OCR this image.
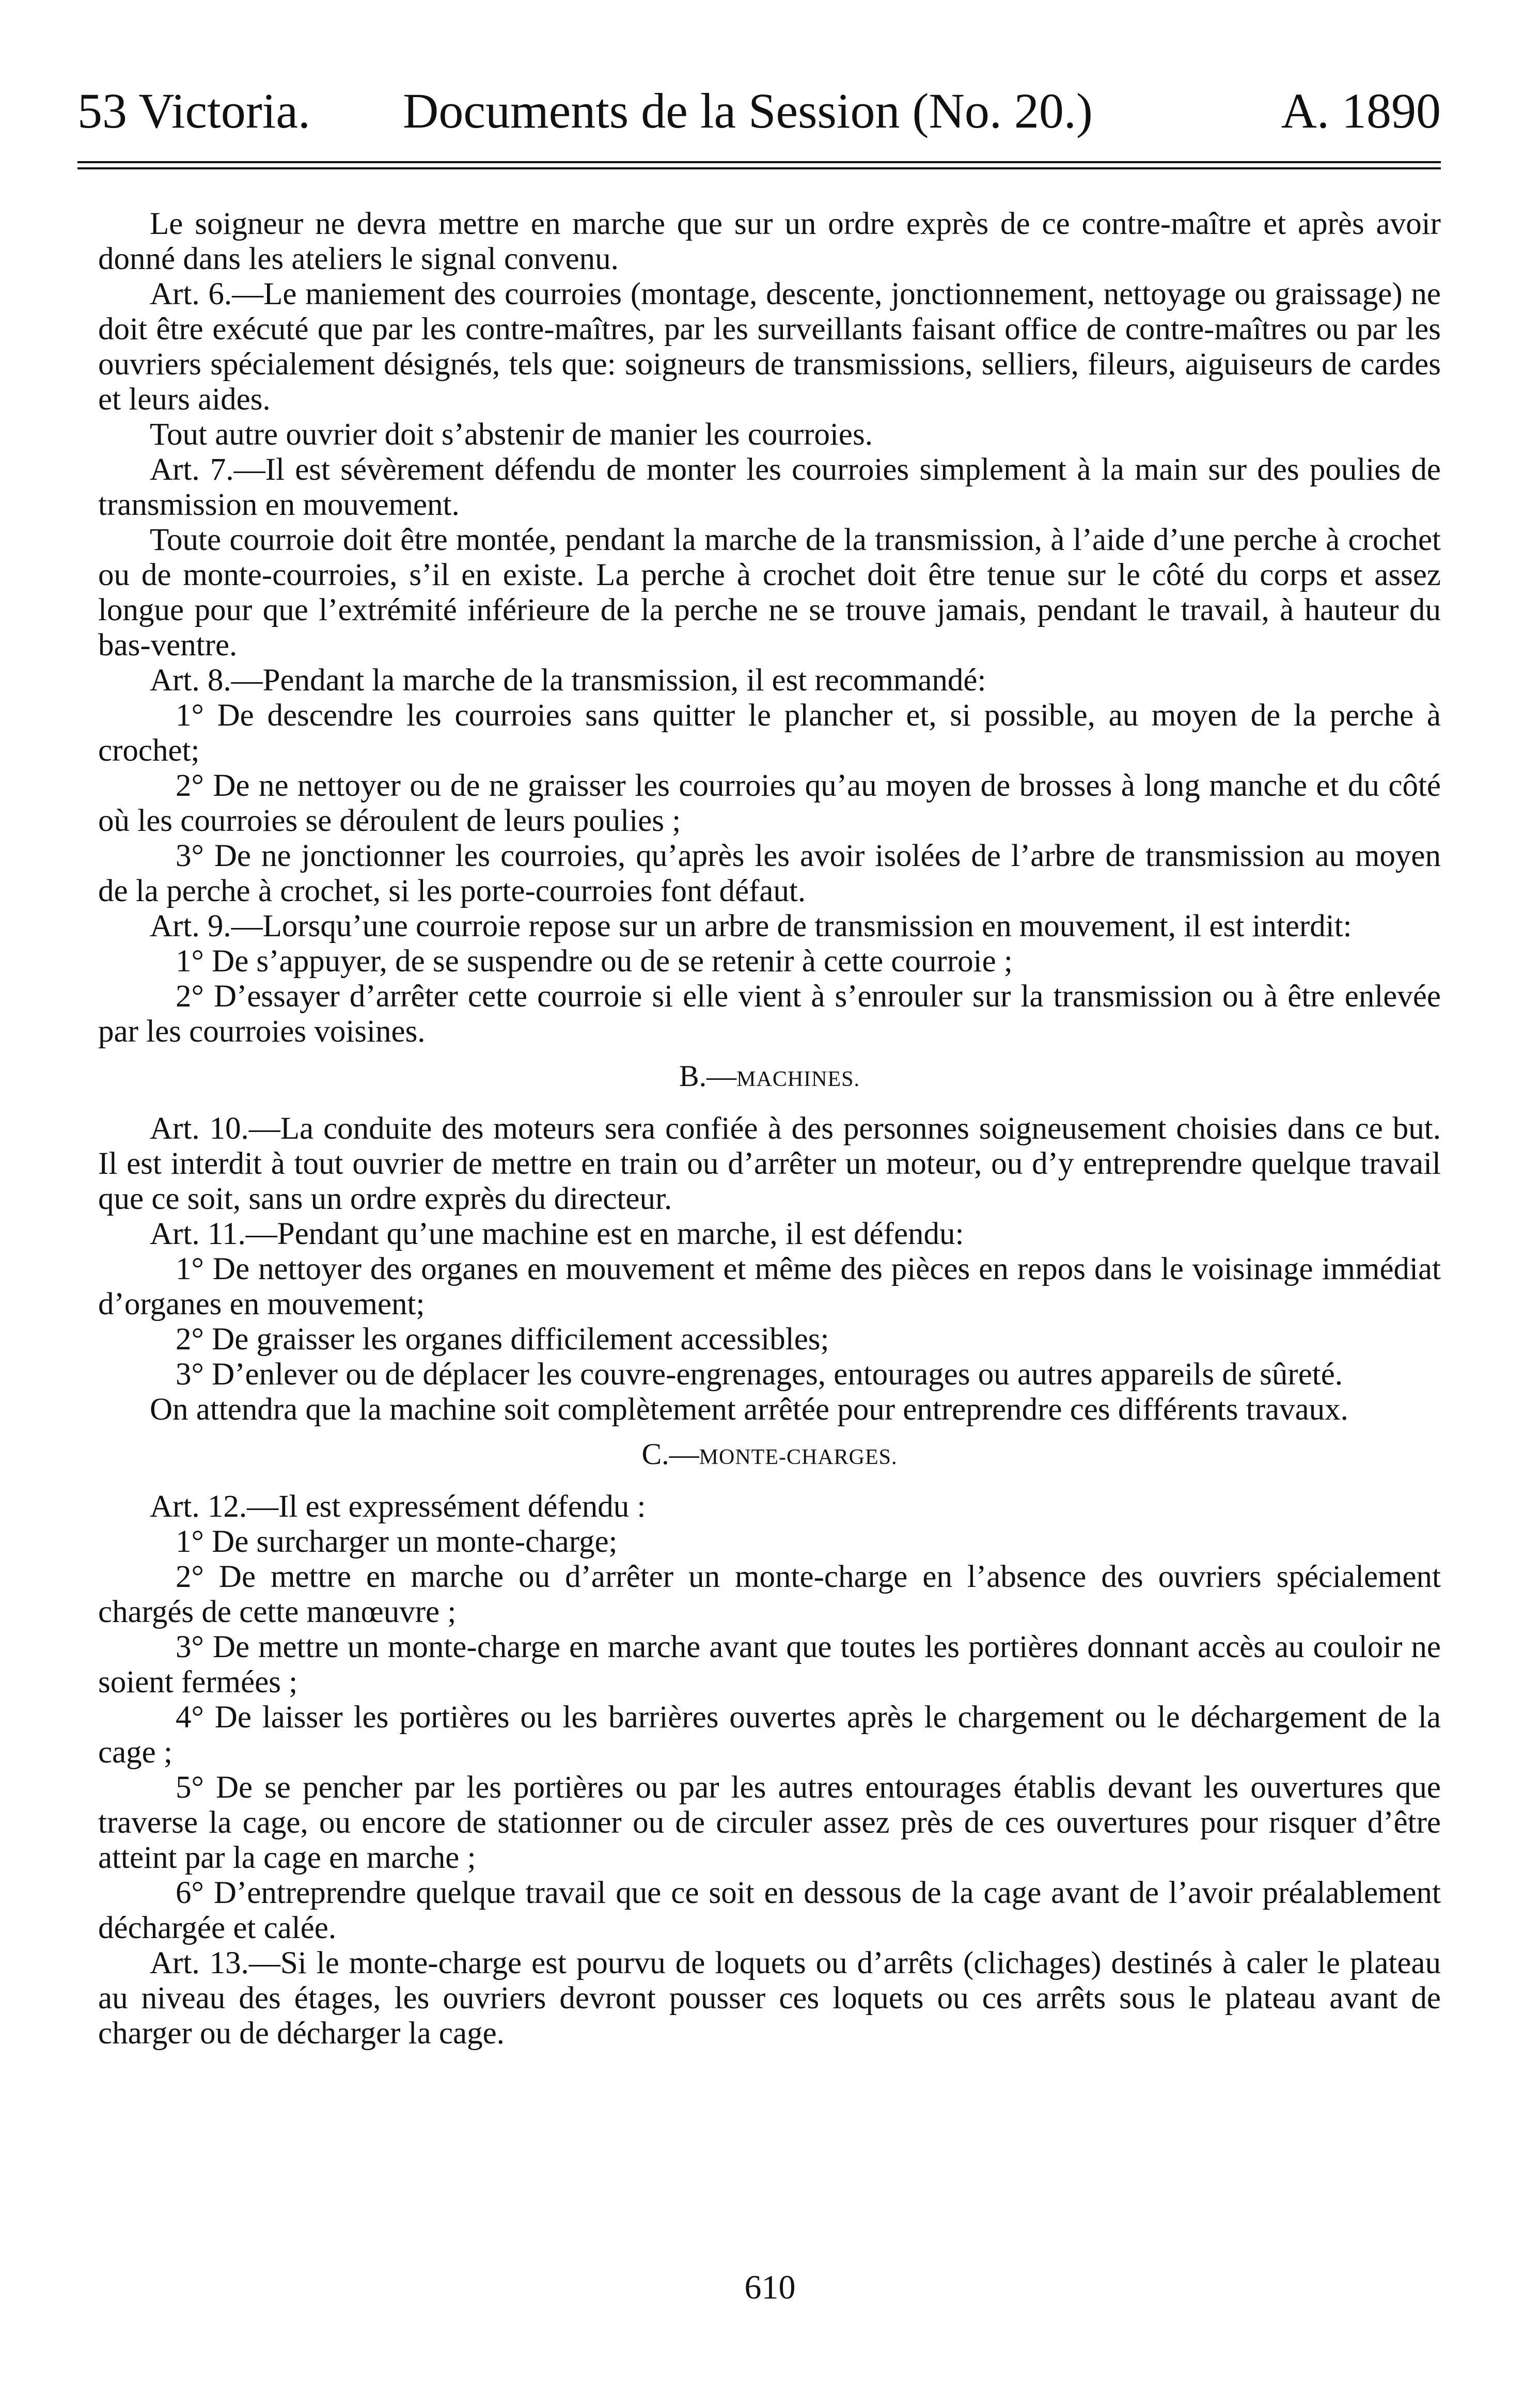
53 Victoria. Documents de la Session (No. 20.)	A. 1890

Le soigneur ne devra mettre en marche que sur un ordre exprès de ce contre-maître et après avoir donné dans les ateliers le signal convenu.

Art. 6.—Le maniement des courroies (montage, descente, jonctionnement, nettoyage ou graissage) ne doit être exécuté que par les contre-maîtres, par les surveillants faisant office de contre-maîtres ou par les ouvriers spécialement désignés, tels que: soigneurs de transmissions, selliers, fileurs, aiguiseurs de cardes et leurs aides.

Tout autre ouvrier doit s’abstenir de manier les courroies.

Art. 7.—Il est sévèrement défendu de monter les courroies simplement à la main sur des poulies de transmission en mouvement.

Toute courroie doit être montée, pendant la marche de la transmission, à l’aide d’une perche à crochet ou de monte-courroies, s’il en existe. La perche à crochet doit être tenue sur le côté du corps et assez longue pour que l’extrémité inférieure de la perche ne se trouve jamais, pendant le travail, à hauteur du bas-ventre.

Art. 8.—Pendant la marche de la transmission, il est recommandé:

1° De descendre les courroies sans quitter le plancher et, si possible, au moyen de la perche à crochet;

2° De ne nettoyer ou de ne graisser les courroies qu’au moyen de brosses à long manche et du côté où les courroies se déroulent de leurs poulies ;

3° De ne jonctionner les courroies, qu’après les avoir isolées de l’arbre de transmission au moyen de la perche à crochet, si les porte-courroies font défaut.

Art. 9.—Lorsqu’une courroie repose sur un arbre de transmission en mouvement, il est interdit:

1° De s’appuyer, de se suspendre ou de se retenir à cette courroie ;

2° D’essayer d’arrêter cette courroie si elle vient à s’enrouler sur la transmission ou à être enlevée par les courroies voisines.

B.—MACHINES.

Art. 10.—La conduite des moteurs sera confiée à des personnes soigneusement choisies dans ce but. Il est interdit à tout ouvrier de mettre en train ou d’arrêter un moteur, ou d’y entreprendre quelque travail que ce soit, sans un ordre exprès du directeur.

Art. 11.—Pendant qu’une machine est en marche, il est défendu:

1° De nettoyer des organes en mouvement et même des pièces en repos dans le voisinage immédiat d’organes en mouvement;

2° De graisser les organes difficilement accessibles;

3° D’enlever ou de déplacer les couvre-engrenages, entourages ou autres appareils de sûreté.

On attendra que la machine soit complètement arrêtée pour entreprendre ces différents travaux.

C.—MONTE-CHARGES.

Art. 12.—Il est expressément défendu :

1° De surcharger un monte-charge;

2° De mettre en marche ou d’arrêter un monte-charge en l’absence des ouvriers spécialement chargés de cette manœuvre ;

3° De mettre un monte-charge en marche avant que toutes les portières donnant accès au couloir ne soient fermées ;

4° De laisser les portières ou les barrières ouvertes après le chargement ou le déchargement de la cage ;

5° De se pencher par les portières ou par les autres entourages établis devant les ouvertures que traverse la cage, ou encore de stationner ou de circuler assez près de ces ouvertures pour risquer d’être atteint par la cage en marche ;

6° D’entreprendre quelque travail que ce soit en dessous de la cage avant de l’avoir préalablement déchargée et calée.

Art. 13.—Si le monte-charge est pourvu de loquets ou d’arrêts (clichages) destinés à caler le plateau au niveau des étages, les ouvriers devront pousser ces loquets ou ces arrêts sous le plateau avant de charger ou de décharger la cage.

610
